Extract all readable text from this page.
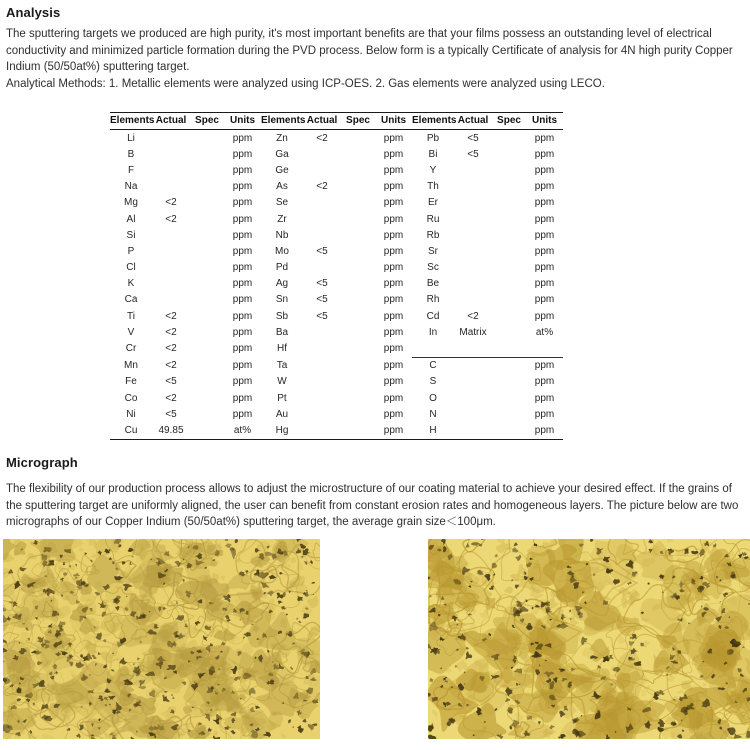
Analysis
The sputtering targets we produced are high purity, it's most important benefits are that your films possess an outstanding level of electrical conductivity and minimized particle formation during the PVD process. Below form is a typically Certificate of analysis for 4N high purity Copper Indium (50/50at%) sputtering target.
Analytical Methods: 1. Metallic elements were analyzed using ICP-OES. 2. Gas elements were analyzed using LECO.
Elements	Actual	Spec	Units	Elements	Actual	Spec	Units	Elements	Actual	Spec	Units
Li			ppm	Zn	<2		ppm	Pb	<5		ppm
B			ppm	Ga			ppm	Bi	<5		ppm
F			ppm	Ge			ppm	Y			ppm
Na			ppm	As	<2		ppm	Th			ppm
Mg	<2		ppm	Se			ppm	Er			ppm
Al	<2		ppm	Zr			ppm	Ru			ppm
Si			ppm	Nb			ppm	Rb			ppm
P			ppm	Mo	<5		ppm	Sr			ppm
Cl			ppm	Pd			ppm	Sc			ppm
K			ppm	Ag	<5		ppm	Be			ppm
Ca			ppm	Sn	<5		ppm	Rh			ppm
Ti	<2		ppm	Sb	<5		ppm	Cd	<2		ppm
V	<2		ppm	Ba			ppm	In	Matrix		at%
Cr	<2		ppm	Hf			ppm				
Mn	<2		ppm	Ta			ppm	C			ppm
Fe	<5		ppm	W			ppm	S			ppm
Co	<2		ppm	Pt			ppm	O			ppm
Ni	<5		ppm	Au			ppm	N			ppm
Cu	49.85		at%	Hg			ppm	H			ppm
Micrograph
The flexibility of our production process allows to adjust the microstructure of our coating material to achieve your desired effect. If the grains of the sputtering target are uniformly aligned, the user can benefit from constant erosion rates and homogeneous layers. The picture below are two micrographs of our Copper Indium (50/50at%) sputtering target, the average grain size＜100μm.
